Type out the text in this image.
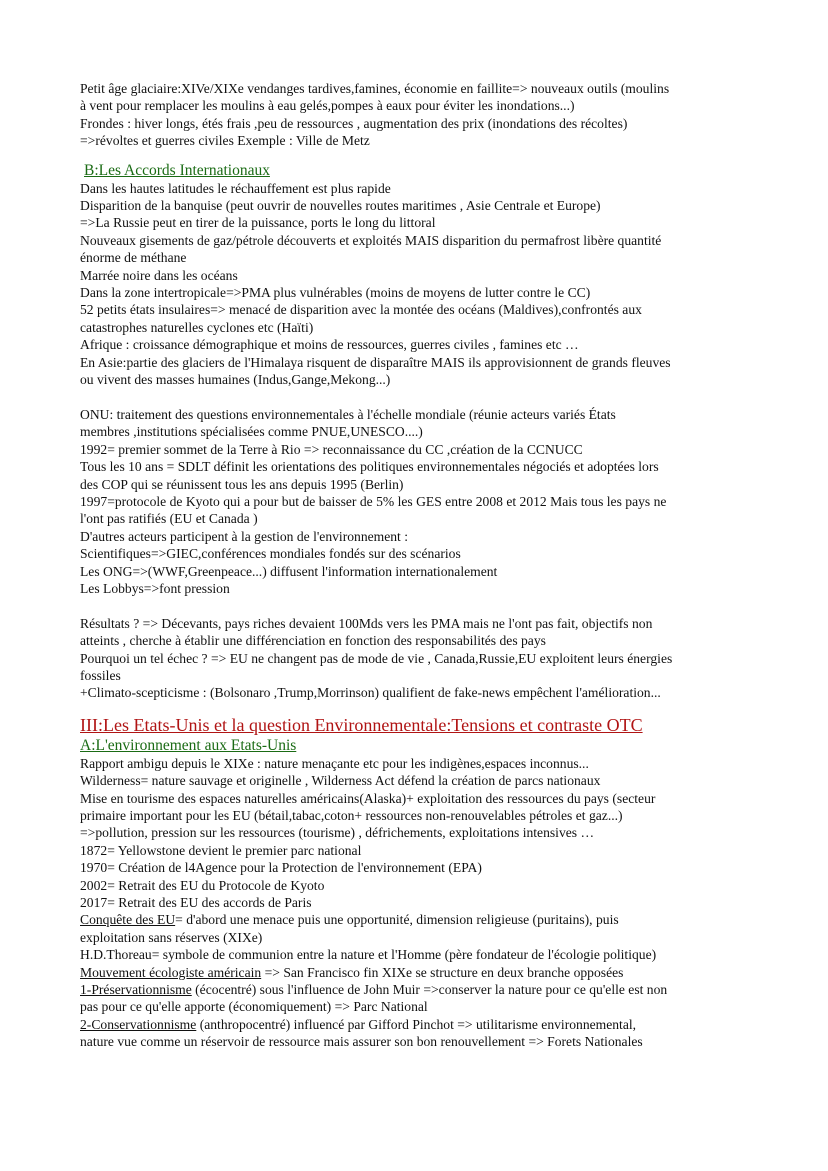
Petit âge glaciaire:XIVe/XIXe vendanges tardives,famines, économie en faillite=> nouveaux outils (moulins

à vent pour remplacer les moulins à eau gelés,pompes à eaux pour éviter les inondations...)

Frondes : hiver longs, étés frais ,peu de ressources , augmentation des prix (inondations des récoltes)

=>révoltes et guerres civiles Exemple : Ville de Metz

B:Les Accords Internationaux

Dans les hautes latitudes le réchauffement est plus rapide

Disparition de la banquise (peut ouvrir de nouvelles routes maritimes , Asie Centrale et Europe)

=>La Russie peut en tirer de la puissance, ports le long du littoral

Nouveaux gisements de gaz/pétrole découverts et exploités MAIS disparition du permafrost libère quantité

énorme de méthane

Marrée noire dans les océans

Dans la zone intertropicale=>PMA plus vulnérables (moins de moyens de lutter contre le CC)

52 petits états insulaires=> menacé de disparition avec la montée des océans (Maldives),confrontés aux

catastrophes naturelles cyclones etc (Haïti)

Afrique : croissance démographique et moins de ressources, guerres civiles , famines etc …

En Asie:partie des glaciers de l'Himalaya risquent de disparaître MAIS ils approvisionnent de grands fleuves

ou vivent des masses humaines (Indus,Gange,Mekong...)

ONU: traitement des questions environnementales à l'échelle mondiale (réunie acteurs variés États

membres ,institutions spécialisées comme PNUE,UNESCO....)

1992= premier sommet de la Terre à Rio => reconnaissance du CC ,création de la CCNUCC

Tous les 10 ans = SDLT définit les orientations des politiques environnementales négociés et adoptées lors

des COP qui se réunissent tous les ans depuis 1995 (Berlin)

1997=protocole de Kyoto qui a pour but de baisser de 5% les GES entre 2008 et 2012 Mais tous les pays ne

l'ont pas ratifiés (EU et Canada )

D'autres acteurs participent à la gestion de l'environnement :

Scientifiques=>GIEC,conférences mondiales fondés sur des scénarios

Les ONG=>(WWF,Greenpeace...) diffusent l'information internationalement

Les Lobbys=>font pression

Résultats ? => Décevants, pays riches devaient 100Mds vers les PMA mais ne l'ont pas fait, objectifs non

atteints , cherche à établir une différenciation en fonction des responsabilités des pays

Pourquoi un tel échec ? => EU ne changent pas de mode de vie , Canada,Russie,EU exploitent leurs énergies

fossiles

+Climato-scepticisme : (Bolsonaro ,Trump,Morrinson) qualifient de fake-news empêchent l'amélioration...

III:Les Etats-Unis et la question Environnementale:Tensions et contraste OTC

A:L'environnement aux Etats-Unis

Rapport ambigu depuis le XIXe : nature menaçante etc pour les indigènes,espaces inconnus...

Wilderness= nature sauvage et originelle , Wilderness Act défend la création de parcs nationaux

Mise en tourisme des espaces naturelles américains(Alaska)+ exploitation des ressources du pays (secteur

primaire important pour les EU (bétail,tabac,coton+ ressources non-renouvelables pétroles et gaz...)

=>pollution, pression sur les ressources (tourisme) , défrichements, exploitations intensives …

1872= Yellowstone devient le premier parc national

1970= Création de l4Agence pour la Protection de l'environnement (EPA)

2002= Retrait des EU du Protocole de Kyoto

2017= Retrait des EU des accords de Paris

Conquête des EU= d'abord une menace puis une opportunité, dimension religieuse (puritains), puis

exploitation sans réserves (XIXe)

H.D.Thoreau= symbole de communion entre la nature et l'Homme (père fondateur de l'écologie politique)

Mouvement écologiste américain => San Francisco fin XIXe se structure en deux branche opposées

1-Préservationnisme (écocentré) sous l'influence de John Muir =>conserver la nature pour ce qu'elle est non

pas pour ce qu'elle apporte (économiquement) => Parc National

2-Conservationnisme (anthropocentré) influencé par Gifford Pinchot => utilitarisme environnemental,

nature vue comme un réservoir de ressource mais assurer son bon renouvellement => Forets Nationales
